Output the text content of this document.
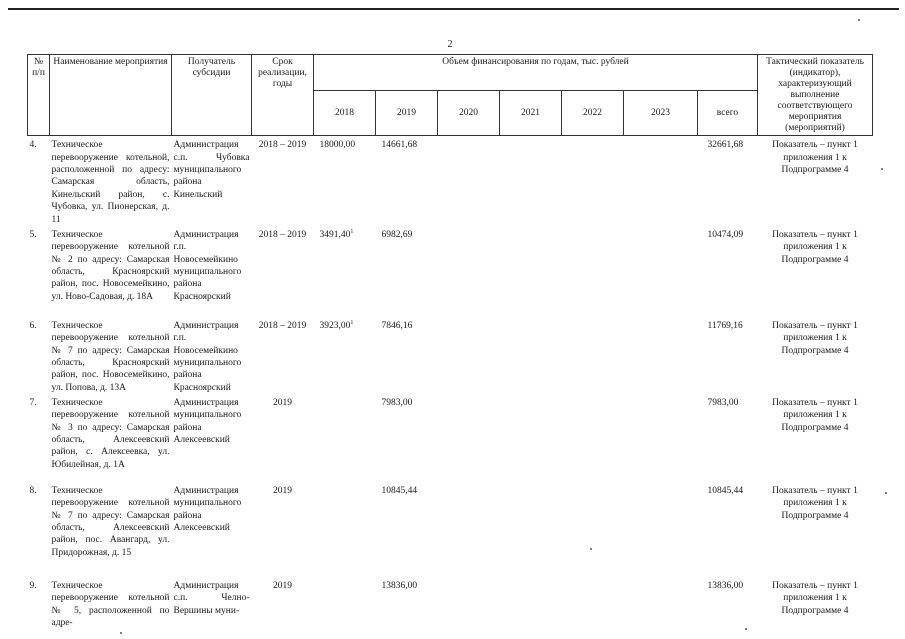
2
№ п/п	Наименование мероприятия	Получатель субсидии	Срок реализации, годы	Объем финансирования по годам, тыс. рублей							Тактический показатель (индикатор), характеризующий выполнение соответствующего мероприятия (мероприятий)
				2018	2019	2020	2021	2022	2023	всего	
4.	Техническое перевооружение котельной, расположенной по адресу: Самарская область, Кинельский район, с. Чубовка, ул. Пионерская, д. 11	Администрация с.п. Чубовка муниципального района Кинельский	2018 – 2019	18000,00	14661,68					32661,68	Показатель – пункт 1 приложения 1 к Подпрограмме 4
5.	Техническое перевооружение котельной № 2 по адресу: Самарская область, Красноярский район, пос. Новосемейкино, ул. Ново-Садовая, д. 18А	Администрация г.п. Новосемейкино муниципального района Красноярский	2018 – 2019	3491,40$^1$	6982,69					10474,09	Показатель – пункт 1 приложения 1 к Подпрограмме 4
6.	Техническое перевооружение котельной № 7 по адресу: Самарская область, Красноярский район, пос. Новосемейкино, ул. Попова, д. 13А	Администрация г.п. Новосемейкино муниципального района Красноярский	2018 – 2019	3923,00$^1$	7846,16					11769,16	Показатель – пункт 1 приложения 1 к Подпрограмме 4
7.	Техническое перевооружение котельной № 3 по адресу: Самарская область, Алексеевский район, с. Алексеевка, ул. Юбилейная, д. 1А	Администрация муниципального района Алексеевский	2019		7983,00					7983,00	Показатель – пункт 1 приложения 1 к Подпрограмме 4
8.	Техническое перевооружение котельной № 7 по адресу: Самарская область, Алексеевский район, пос. Авангард, ул. Придорожная, д. 15	Администрация муниципального района Алексеевский	2019		10845,44					10845,44	Показатель – пункт 1 приложения 1 к Подпрограмме 4
9.	Техническое перевооружение котельной № 5, расположенной по адре-	Администрация с.п. Челно-Вершины муни-	2019		13836,00					13836,00	Показатель – пункт 1 приложения 1 к Подпрограмме 4
